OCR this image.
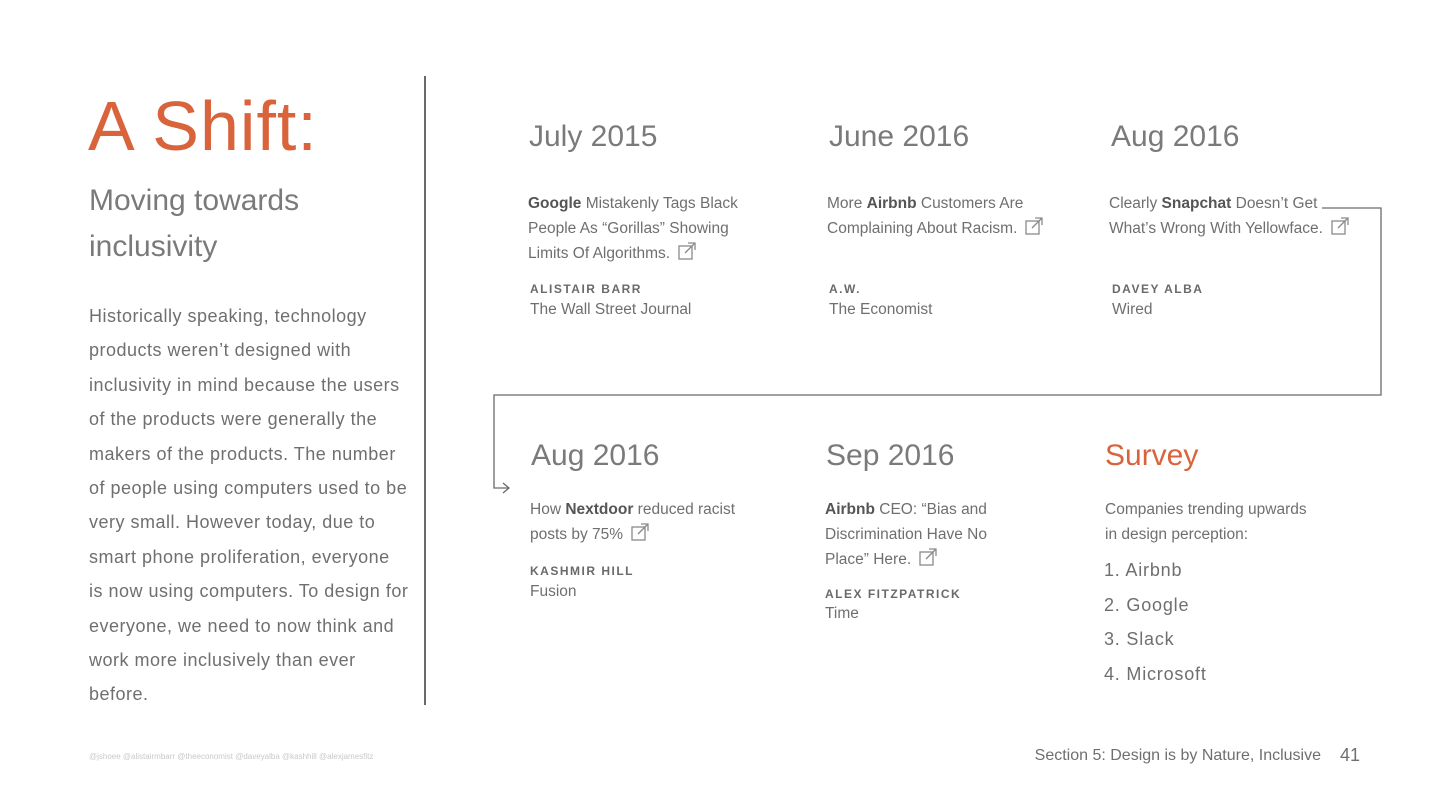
A Shift:

Moving towards inclusivity

Historically speaking, technology products weren’t designed with inclusivity in mind because the users of the products were generally the makers of the products. The number of people using computers used to be very small. However today, due to smart phone proliferation, everyone is now using computers. To design for everyone, we need to now think and work more inclusively than ever before.

July 2015

Google Mistakenly Tags Black People As “Gorillas” Showing Limits Of Algorithms.

ALISTAIR BARR
The Wall Street Journal
June 2016

More Airbnb Customers Are Complaining About Racism.

A.W.
The Economist
Aug 2016

Clearly Snapchat Doesn’t Get What’s Wrong With Yellowface.

DAVEY ALBA
Wired
Aug 2016

How Nextdoor reduced racist posts by 75%

KASHMIR HILL
Fusion
Sep 2016

Airbnb CEO: “Bias and Discrimination Have No Place” Here.

ALEX FITZPATRICK
Time
Survey

Companies trending upwards in design perception:

1. Airbnb
2. Google
3. Slack
4. Microsoft
@jshoee @alistairmbarr @theeconomist @daveyalba @kashhill @alexjamesfitz	Section 5: Design is by Nature, Inclusive 41
